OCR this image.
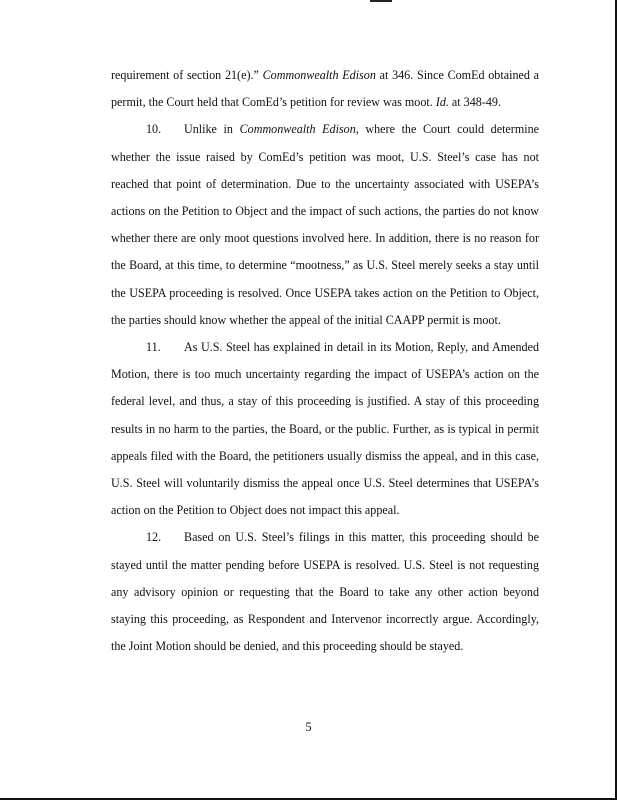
requirement of section 21(e).” Commonwealth Edison at 346. Since ComEd obtained a permit, the Court held that ComEd’s petition for review was moot. Id. at 348-49.

10. Unlike in Commonwealth Edison, where the Court could determine whether the issue raised by ComEd’s petition was moot, U.S. Steel’s case has not reached that point of determination. Due to the uncertainty associated with USEPA’s actions on the Petition to Object and the impact of such actions, the parties do not know whether there are only moot questions involved here. In addition, there is no reason for the Board, at this time, to determine “mootness,” as U.S. Steel merely seeks a stay until the USEPA proceeding is resolved. Once USEPA takes action on the Petition to Object, the parties should know whether the appeal of the initial CAAPP permit is moot.

11. As U.S. Steel has explained in detail in its Motion, Reply, and Amended Motion, there is too much uncertainty regarding the impact of USEPA’s action on the federal level, and thus, a stay of this proceeding is justified. A stay of this proceeding results in no harm to the parties, the Board, or the public. Further, as is typical in permit appeals filed with the Board, the petitioners usually dismiss the appeal, and in this case, U.S. Steel will voluntarily dismiss the appeal once U.S. Steel determines that USEPA’s action on the Petition to Object does not impact this appeal.

12. Based on U.S. Steel’s filings in this matter, this proceeding should be stayed until the matter pending before USEPA is resolved. U.S. Steel is not requesting any advisory opinion or requesting that the Board to take any other action beyond staying this proceeding, as Respondent and Intervenor incorrectly argue. Accordingly, the Joint Motion should be denied, and this proceeding should be stayed.

5
